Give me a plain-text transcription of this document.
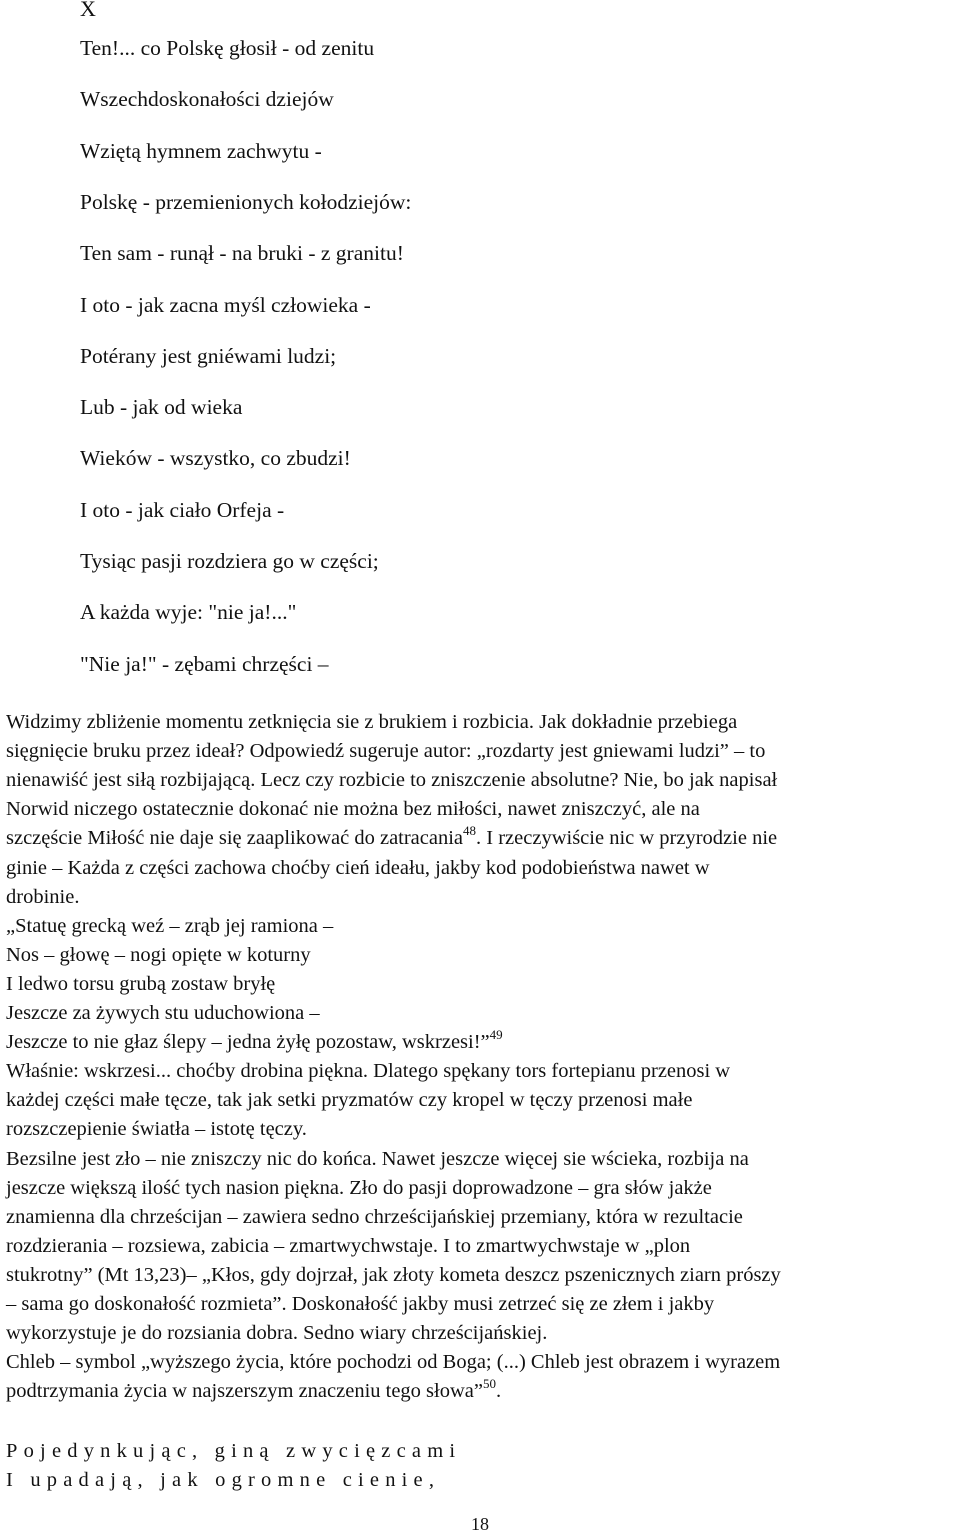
X
Ten!... co Polskę głosił - od zenitu
Wszechdoskonałości dziejów
Wziętą hymnem zachwytu -
Polskę - przemienionych kołodziejów:
Ten sam - runął - na bruki - z granitu!
I oto - jak zacna myśl człowieka -
Potérany jest gniéwami ludzi;
Lub - jak od wieka
Wieków - wszystko, co zbudzi!
I oto - jak ciało Orfeja -
Tysiąc pasji rozdziera go w części;
A każda wyje: "nie ja!..."
"Nie ja!" - zębami chrzęści –
Widzimy zbliżenie momentu zetknięcia sie z brukiem i rozbicia. Jak dokładnie przebiega
sięgnięcie bruku przez ideał? Odpowiedź sugeruje autor: „rozdarty jest gniewami ludzi” – to
nienawiść jest siłą rozbijającą. Lecz czy rozbicie to zniszczenie absolutne? Nie, bo jak napisał
Norwid niczego ostatecznie dokonać nie można bez miłości, nawet zniszczyć, ale na
szczęście Miłość nie daje się zaaplikować do zatracania$^{48}$. I rzeczywiście nic w przyrodzie nie
ginie – Każda z części zachowa choćby cień ideału, jakby kod podobieństwa nawet w
drobinie.
„Statuę grecką weź – zrąb jej ramiona –
Nos – głowę – nogi opięte w koturny
I ledwo torsu grubą zostaw bryłę
Jeszcze za żywych stu uduchowiona –
Jeszcze to nie głaz ślepy – jedna żyłę pozostaw, wskrzesi!”$^{49}$
Właśnie: wskrzesi... choćby drobina piękna. Dlatego spękany tors fortepianu przenosi w
każdej części małe tęcze, tak jak setki pryzmatów czy kropel w tęczy przenosi małe
rozszczepienie światła – istotę tęczy.
Bezsilne jest zło – nie zniszczy nic do końca. Nawet jeszcze więcej sie wścieka, rozbija na
jeszcze większą ilość tych nasion piękna. Zło do pasji doprowadzone – gra słów jakże
znamienna dla chrześcijan – zawiera sedno chrześcijańskiej przemiany, która w rezultacie
rozdzierania – rozsiewa, zabicia – zmartwychwstaje. I to zmartwychwstaje w „plon
stukrotny” (Mt 13,23)– „Kłos, gdy dojrzał, jak złoty kometa deszcz pszenicznych ziarn prószy
– sama go doskonałość rozmieta”. Doskonałość jakby musi zetrzeć się ze złem i jakby
wykorzystuje je do rozsiania dobra. Sedno wiary chrześcijańskiej.
Chleb – symbol „wyższego życia, które pochodzi od Boga; (...) Chleb jest obrazem i wyrazem
podtrzymania życia w najszerszym znaczeniu tego słowa”$^{50}$.
Pojedynkując, giną zwycięzcami
I upadają, jak ogromne cienie,
18
